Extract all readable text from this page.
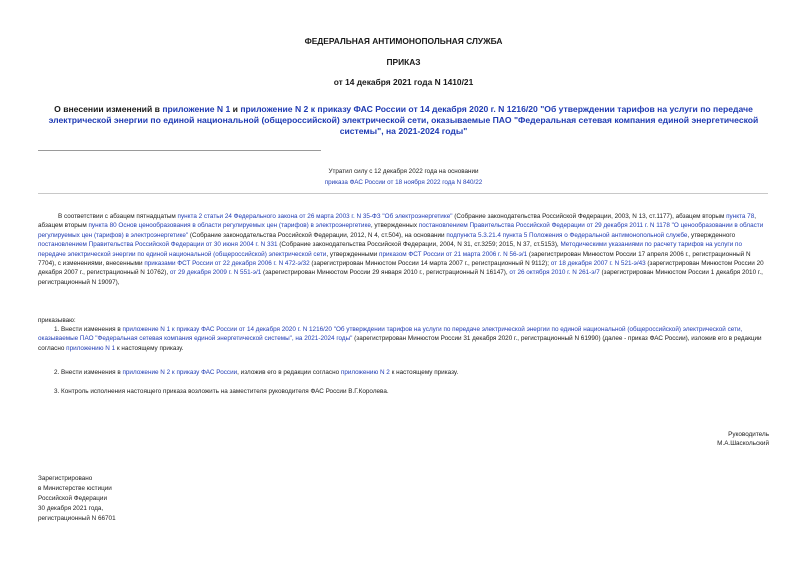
ФЕДЕРАЛЬНАЯ АНТИМОНОПОЛЬНАЯ СЛУЖБА
ПРИКАЗ
от 14 декабря 2021 года N 1410/21
О внесении изменений в приложение N 1 и приложение N 2 к приказу ФАС России от 14 декабря 2020 г. N 1216/20 "Об утверждении тарифов на услуги по передаче электрической энергии по единой национальной (общероссийской) электрической сети, оказываемые ПАО "Федеральная сетевая компания единой энергетической системы", на 2021-2024 годы"
Утратил силу с 12 декабря 2022 года на основании
приказа ФАС России от 18 ноября 2022 года N 840/22
В соответствии с абзацем пятнадцатым пункта 2 статьи 24 Федерального закона от 26 марта 2003 г. N 35-ФЗ "Об электроэнергетике" (Собрание законодательства Российской Федерации, 2003, N 13, ст.1177), абзацем вторым пункта 78, абзацем вторым пункта 80 Основ ценообразования в области регулируемых цен (тарифов) в электроэнергетике, утвержденных постановлением Правительства Российской Федерации от 29 декабря 2011 г. N 1178 "О ценообразовании в области регулируемых цен (тарифов) в электроэнергетике" (Собрание законодательства Российской Федерации, 2012, N 4, ст.504), на основании подпункта 5.3.21.4 пункта 5 Положения о Федеральной антимонопольной службе, утвержденного постановлением Правительства Российской Федерации от 30 июня 2004 г. N 331 (Собрание законодательства Российской Федерации, 2004, N 31, ст.3259; 2015, N 37, ст.5153), Методическими указаниями по расчету тарифов на услуги по передаче электрической энергии по единой национальной (общероссийской) электрической сети, утвержденными приказом ФСТ России от 21 марта 2006 г. N 56-э/1 (зарегистрирован Минюстом России 17 апреля 2006 г., регистрационный N 7704), с изменениями, внесенными приказами ФСТ России от 22 декабря 2006 г. N 472-э/32 (зарегистрирован Минюстом России 14 марта 2007 г., регистрационный N 9112); от 18 декабря 2007 г. N 521-э/43 (зарегистрирован Минюстом России 20 декабря 2007 г., регистрационный N 10762), от 29 декабря 2009 г. N 551-э/1 (зарегистрирован Минюстом России 29 января 2010 г., регистрационный N 16147), от 26 октября 2010 г. N 261-э/7 (зарегистрирован Минюстом России 1 декабря 2010 г., регистрационный N 19097),
приказываю:
1. Внести изменения в приложение N 1 к приказу ФАС России от 14 декабря 2020 г. N 1216/20 "Об утверждении тарифов на услуги по передаче электрической энергии по единой национальной (общероссийской) электрической сети, оказываемые ПАО "Федеральная сетевая компания единой энергетической системы", на 2021-2024 годы" (зарегистрирован Минюстом России 31 декабря 2020 г., регистрационный N 61990) (далее - приказ ФАС России), изложив его в редакции согласно приложению N 1 к настоящему приказу.
2. Внести изменения в приложение N 2 к приказу ФАС России, изложив его в редакции согласно приложению N 2 к настоящему приказу.
3. Контроль исполнения настоящего приказа возложить на заместителя руководителя ФАС России В.Г.Королева.
Руководитель
М.А.Шаскольский
Зарегистрировано
в Министерстве юстиции
Российской Федерации
30 декабря 2021 года,
регистрационный N 66701
